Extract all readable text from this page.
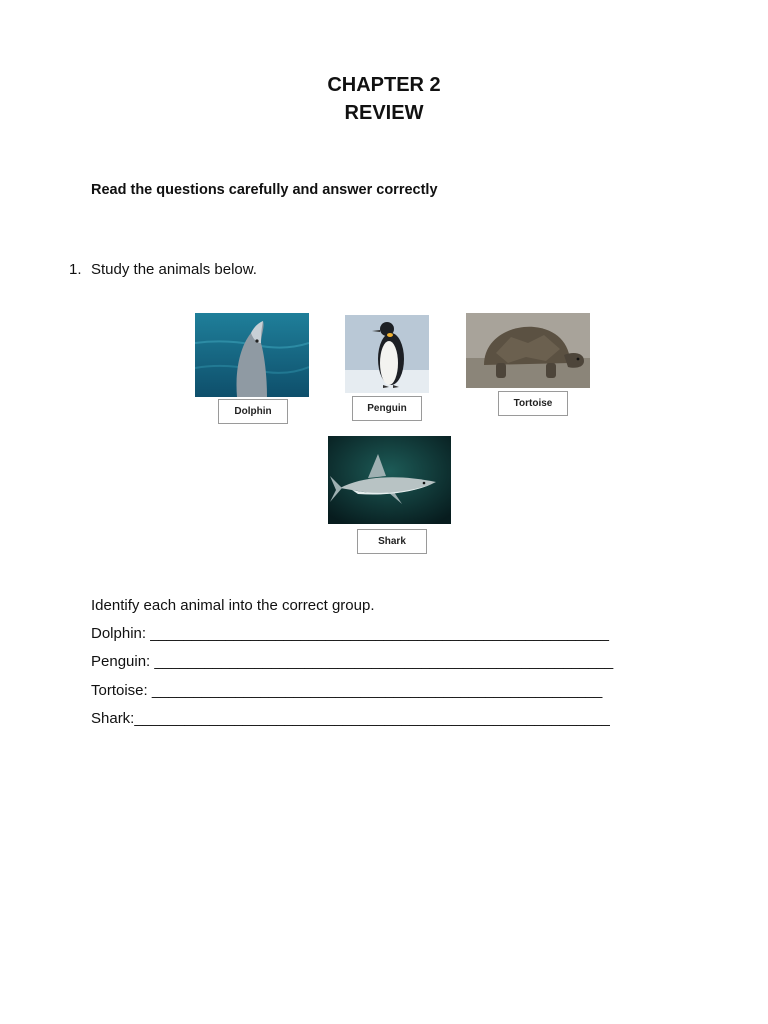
CHAPTER 2
REVIEW
Read the questions carefully and answer correctly
1. Study the animals below.
Dolphin	Penguin	Tortoise
Shark
Identify each animal into the correct group.
Dolphin: _______________________________________________________
Penguin: _______________________________________________________
Tortoise: ______________________________________________________
Shark:_________________________________________________________
